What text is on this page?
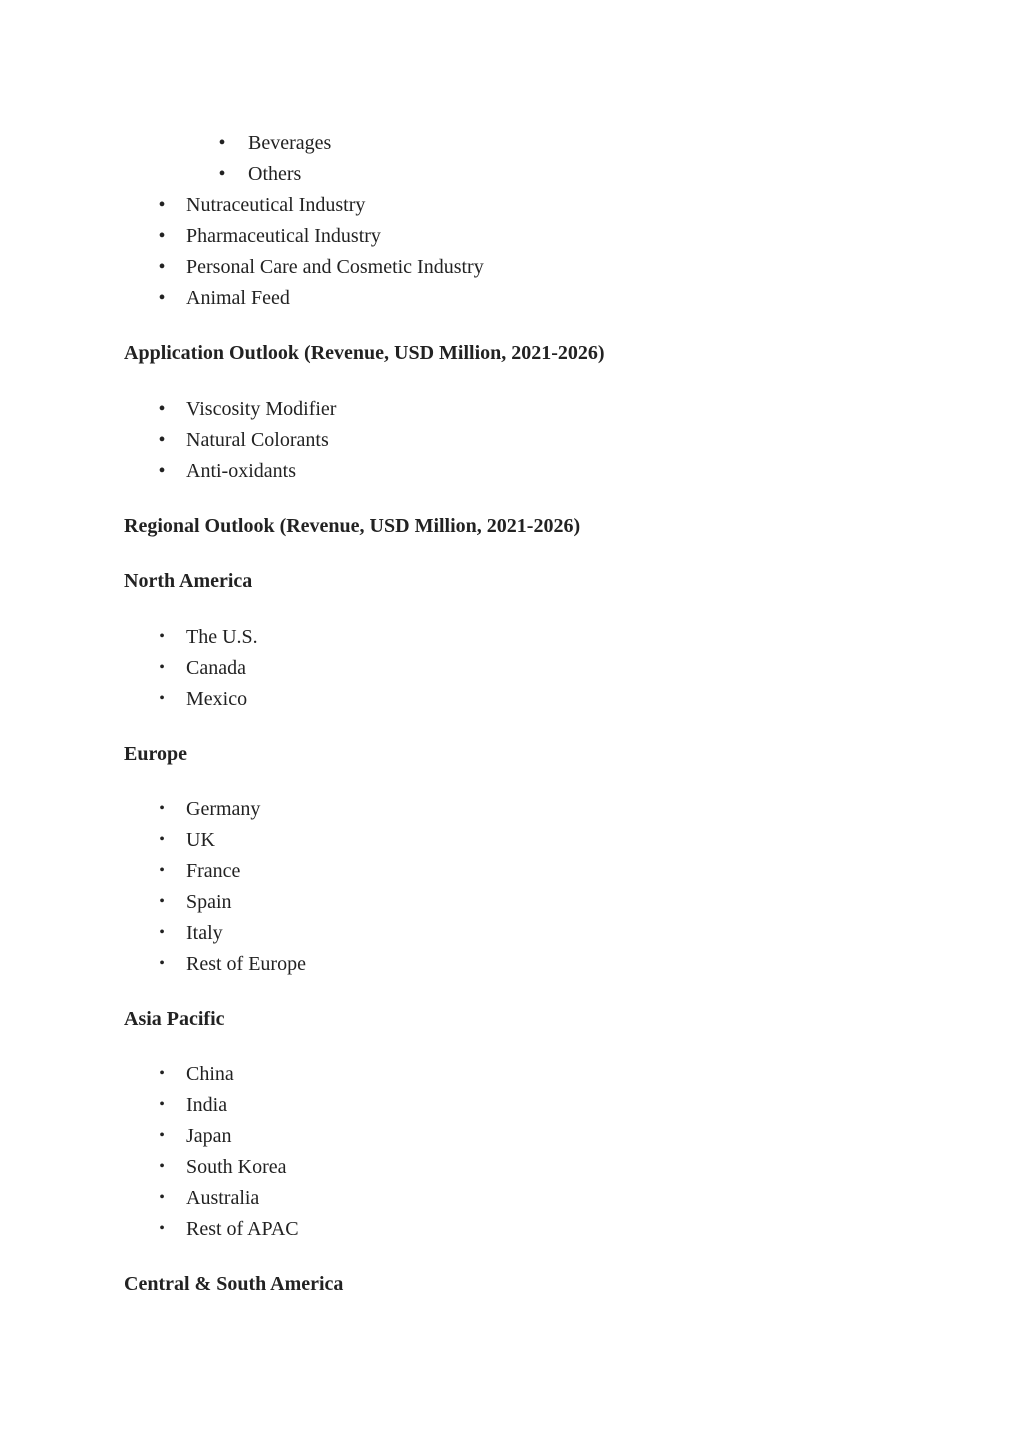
•	Beverages
•	Others
•	Nutraceutical Industry
•	Pharmaceutical Industry
•	Personal Care and Cosmetic Industry
•	Animal Feed
Application Outlook (Revenue, USD Million, 2021-2026)
•	Viscosity Modifier
•	Natural Colorants
•	Anti-oxidants
Regional Outlook (Revenue, USD Million, 2021-2026)
North America
•	The U.S.
•	Canada
•	Mexico
Europe
•	Germany
•	UK
•	France
•	Spain
•	Italy
•	Rest of Europe
Asia Pacific
•	China
•	India
•	Japan
•	South Korea
•	Australia
•	Rest of APAC
Central & South America
